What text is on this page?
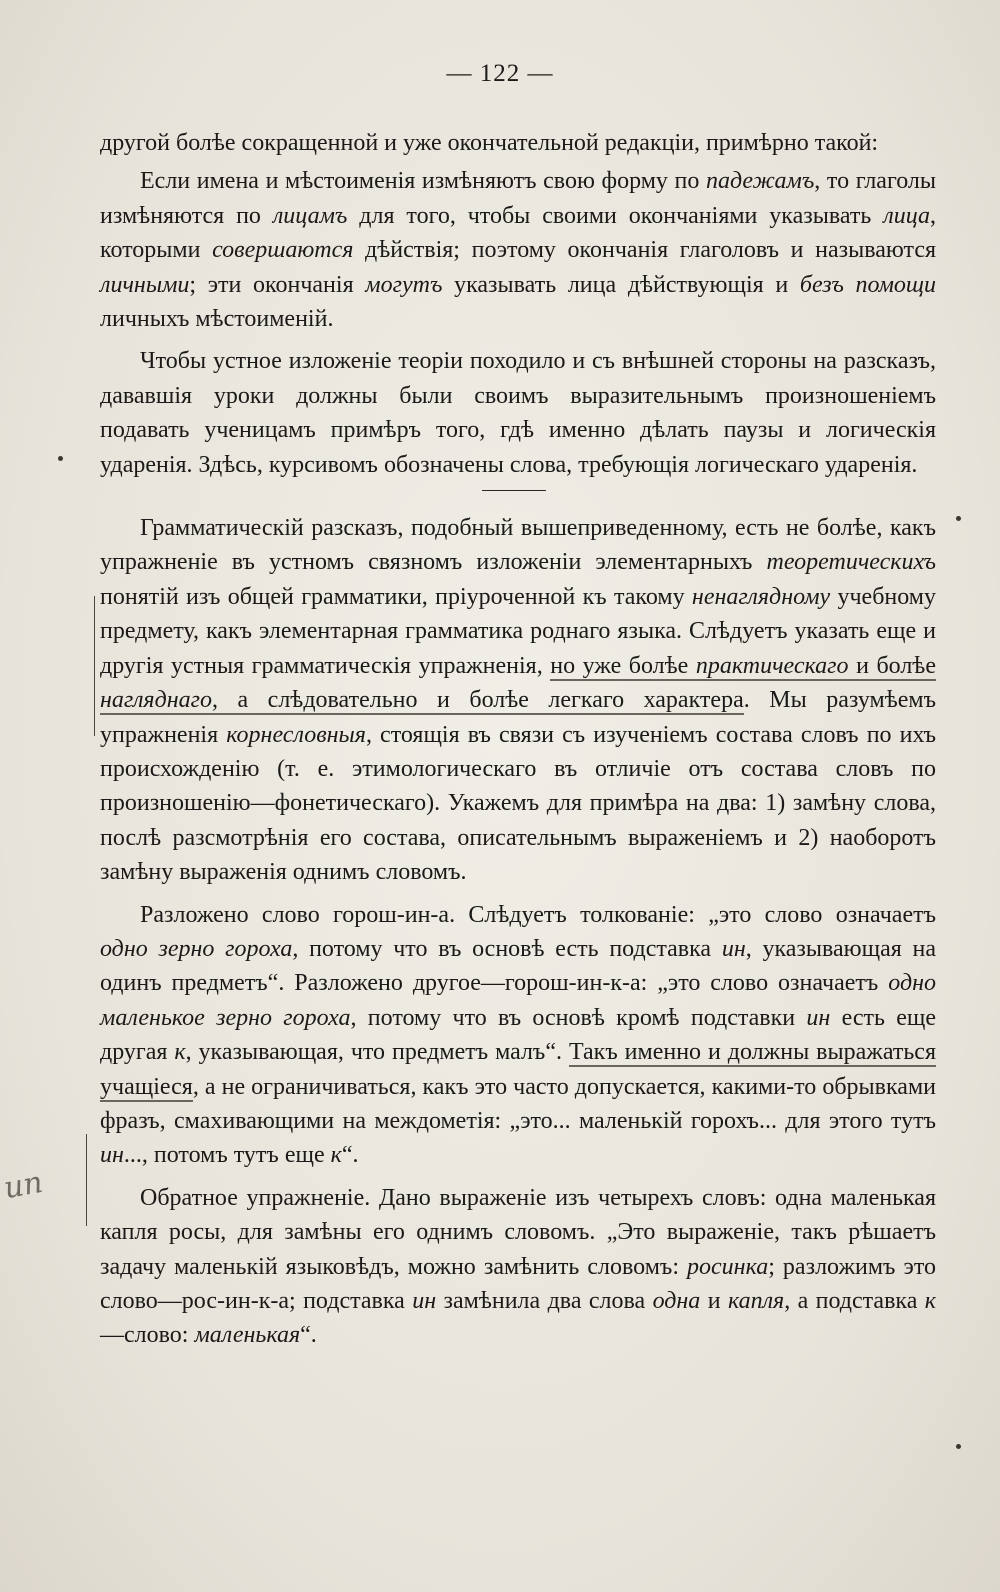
— 122 —

другой болѣе сокращенной и уже окончательной редакціи, примѣрно такой:

Если имена и мѣстоименія измѣняютъ свою форму по падежамъ, то глаголы измѣняются по лицамъ для того, чтобы своими окончаніями указывать лица, которыми совершаются дѣйствія; поэтому окончанія глаголовъ и называются личными; эти окончанія могутъ указывать лица дѣйствующія и безъ помощи личныхъ мѣстоименій.

Чтобы устное изложеніе теоріи походило и съ внѣшней стороны на разсказъ, дававшія уроки должны были своимъ выразительнымъ произношеніемъ подавать ученицамъ примѣръ того, гдѣ именно дѣлать паузы и логическія ударенія. Здѣсь, курсивомъ обозначены слова, требующія логическаго ударенія.

Грамматическій разсказъ, подобный вышеприведенному, есть не болѣе, какъ упражненіе въ устномъ связномъ изложеніи элементарныхъ теоретическихъ понятій изъ общей грамматики, пріуроченной къ такому ненаглядному учебному предмету, какъ элементарная грамматика роднаго языка. Слѣдуетъ указать еще и другія устныя грамматическія упражненія, но уже болѣе практическаго и болѣе нагляднаго, а слѣдовательно и болѣе легкаго характера. Мы разумѣемъ упражненія корнесловныя, стоящія въ связи съ изученіемъ состава словъ по ихъ происхожденію (т. е. этимологическаго въ отличіе отъ состава словъ по произношенію—фонетическаго). Укажемъ для примѣра на два: 1) замѣну слова, послѣ разсмотрѣнія его состава, описательнымъ выраженіемъ и 2) наоборотъ замѣну выраженія однимъ словомъ.

Разложено слово горош-ин-а. Слѣдуетъ толкованіе: „это слово означаетъ одно зерно гороха, потому что въ основѣ есть подставка ин, указывающая на одинъ предметъ“. Разложено другое—горош-ин-к-а: „это слово означаетъ одно маленькое зерно гороха, потому что въ основѣ кромѣ подставки ин есть еще другая к, указывающая, что предметъ малъ“. Такъ именно и должны выражаться учащіеся, а не ограничиваться, какъ это часто допускается, какими-то обрывками фразъ, смахивающими на междометія: „это... маленькій горохъ... для этого тутъ ин..., потомъ тутъ еще к“.

Обратное упражненіе. Дано выраженіе изъ четырехъ словъ: одна маленькая капля росы, для замѣны его однимъ словомъ. „Это выраженіе, такъ рѣшаетъ задачу маленькій языковѣдъ, можно замѣнить словомъ: росинка; разложимъ это слово—рос-ин-к-а; подставка ин замѣнила два слова одна и капля, а подставка к—слово: маленькая“.

ип
